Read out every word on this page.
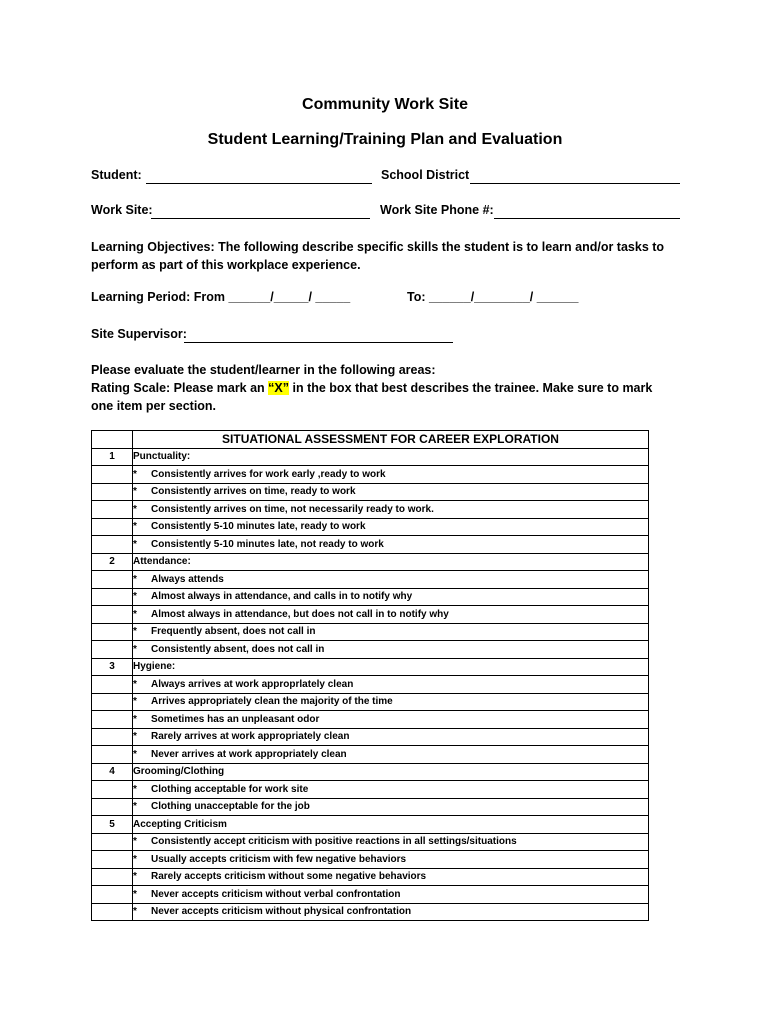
Community Work Site
Student Learning/Training Plan and Evaluation
Student:	School District
Work Site:	Work Site Phone #:
Learning Objectives: The following describe specific skills the student is to learn and/or tasks to perform as part of this workplace experience.
Learning Period: From ______/_____/ _____	To: ______/________/ ______
Site Supervisor:
Please evaluate the student/learner in the following areas:
Rating Scale: Please mark an “X” in the box that best describes the trainee. Make sure to mark one item per section.
	SITUATIONAL ASSESSMENT FOR CAREER EXPLORATION
1	Punctuality:
	* Consistently arrives for work early ,ready to work
	* Consistently arrives on time, ready to work
	* Consistently arrives on time, not necessarily ready to work.
	* Consistently 5-10 minutes late, ready to work
	* Consistently 5-10 minutes late, not ready to work
2	Attendance:
	* Always attends
	* Almost always in attendance, and calls in to notify why
	* Almost always in attendance, but does not call in to notify why
	* Frequently absent, does not call in
	* Consistently absent, does not call in
3	Hygiene:
	* Always arrives at work approprlately clean
	* Arrives appropriately clean the majority of the time
	* Sometimes has an unpleasant odor
	* Rarely arrives at work appropriately clean
	* Never arrives at work appropriately clean
4	Grooming/Clothing
	* Clothing acceptable for work site
	* Clothing unacceptable for the job
5	Accepting Criticism
	* Consistently accept criticism with positive reactions in all settings/situations
	* Usually accepts criticism with few negative behaviors
	* Rarely accepts criticism without some negative behaviors
	* Never accepts criticism without verbal confrontation
	* Never accepts criticism without physical confrontation
